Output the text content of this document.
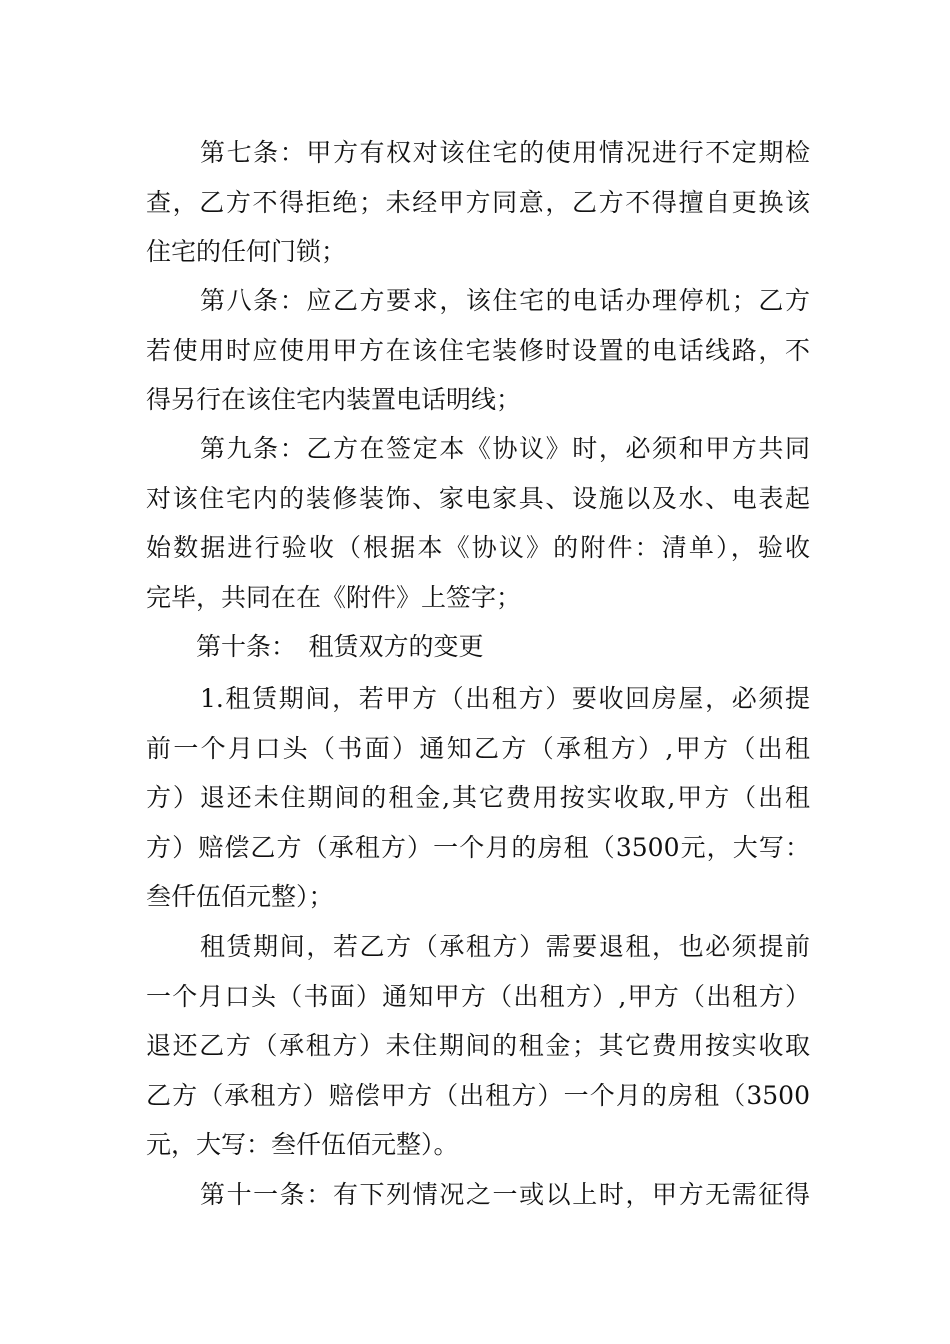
第七条：甲方有权对该住宅的使用情况进行不定期检
查，乙方不得拒绝；未经甲方同意，乙方不得擅自更换该
住宅的任何门锁；
第八条：应乙方要求，该住宅的电话办理停机；乙方
若使用时应使用甲方在该住宅装修时设置的电话线路，不
得另行在该住宅内装置电话明线；
第九条：乙方在签定本《协议》时，必须和甲方共同
对该住宅内的装修装饰、家电家具、设施以及水、电表起
始数据进行验收（根据本《协议》的附件：清单），验收
完毕，共同在在《附件》上签字；
第十条：　租赁双方的变更
1.租赁期间，若甲方（出租方）要收回房屋，必须提
前一个月口头（书面）通知乙方（承租方）,甲方（出租
方）退还未住期间的租金,其它费用按实收取,甲方（出租
方）赔偿乙方（承租方）一个月的房租（3500元，大写：
叁仟伍佰元整）；
租赁期间，若乙方（承租方）需要退租，也必须提前
一个月口头（书面）通知甲方（出租方）,甲方（出租方）
退还乙方（承租方）未住期间的租金；其它费用按实收取
乙方（承租方）赔偿甲方（出租方）一个月的房租（3500
元，大写：叁仟伍佰元整）。
第十一条：有下列情况之一或以上时，甲方无需征得
